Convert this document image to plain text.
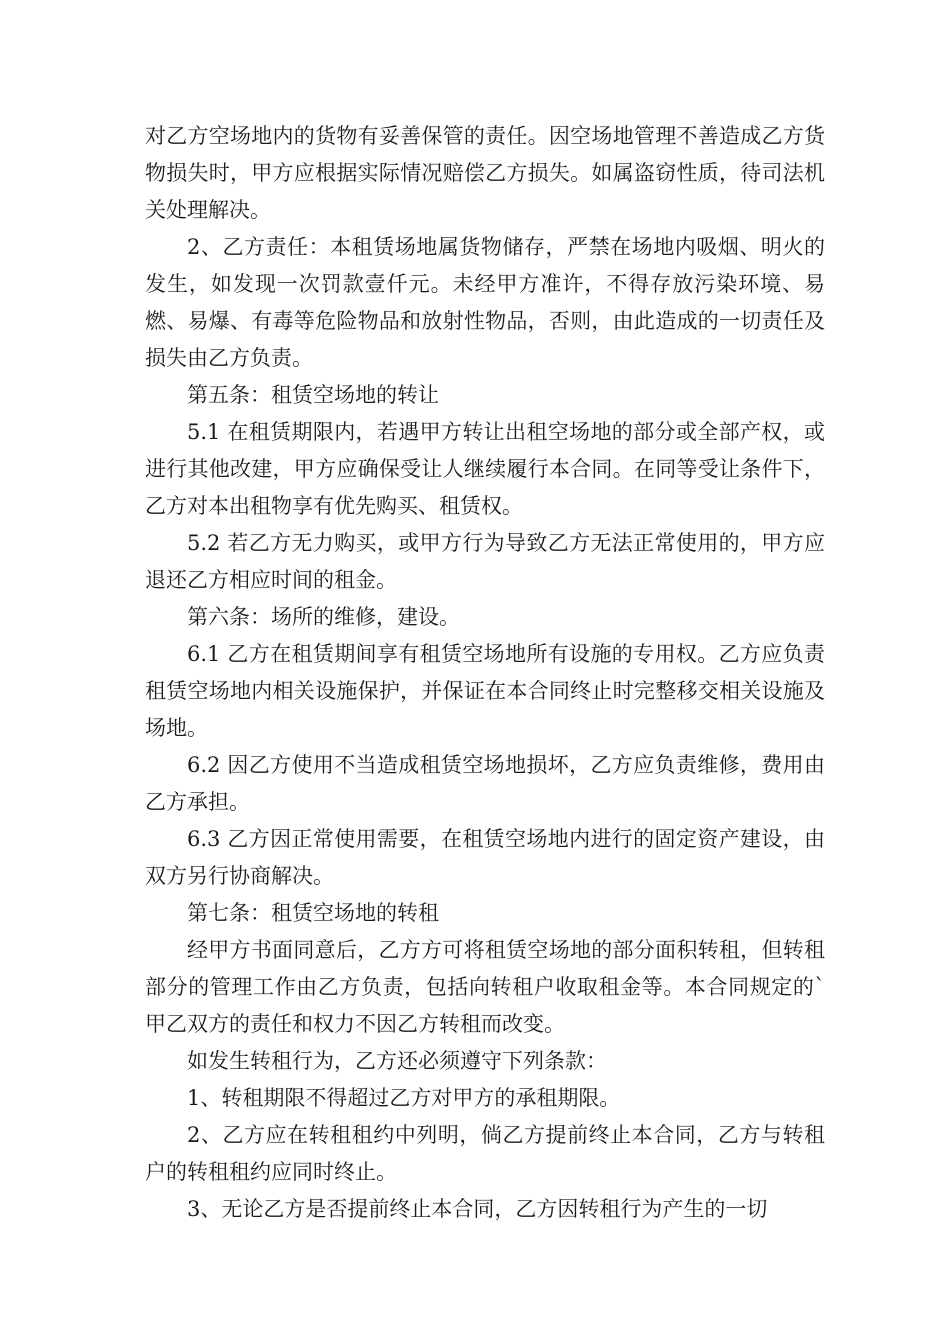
对乙方空场地内的货物有妥善保管的责任。因空场地管理不善造成乙方货物损失时，甲方应根据实际情况赔偿乙方损失。如属盗窃性质，待司法机关处理解决。

2、乙方责任：本租赁场地属货物储存，严禁在场地内吸烟、明火的发生，如发现一次罚款壹仟元。未经甲方准许，不得存放污染环境、易燃、易爆、有毒等危险物品和放射性物品，否则，由此造成的一切责任及损失由乙方负责。

第五条：租赁空场地的转让

5.1 在租赁期限内，若遇甲方转让出租空场地的部分或全部产权，或进行其他改建，甲方应确保受让人继续履行本合同。在同等受让条件下，乙方对本出租物享有优先购买、租赁权。

5.2 若乙方无力购买，或甲方行为导致乙方无法正常使用的，甲方应退还乙方相应时间的租金。

第六条：场所的维修，建设。

6.1 乙方在租赁期间享有租赁空场地所有设施的专用权。乙方应负责租赁空场地内相关设施保护，并保证在本合同终止时完整移交相关设施及场地。

6.2 因乙方使用不当造成租赁空场地损坏，乙方应负责维修，费用由乙方承担。

6.3 乙方因正常使用需要，在租赁空场地内进行的固定资产建设，由双方另行协商解决。

第七条：租赁空场地的转租

经甲方书面同意后，乙方方可将租赁空场地的部分面积转租，但转租部分的管理工作由乙方负责，包括向转租户收取租金等。本合同规定的`甲乙双方的责任和权力不因乙方转租而改变。

如发生转租行为，乙方还必须遵守下列条款：

1、转租期限不得超过乙方对甲方的承租期限。

2、乙方应在转租租约中列明，倘乙方提前终止本合同，乙方与转租户的转租租约应同时终止。

3、无论乙方是否提前终止本合同，乙方因转租行为产生的一切
